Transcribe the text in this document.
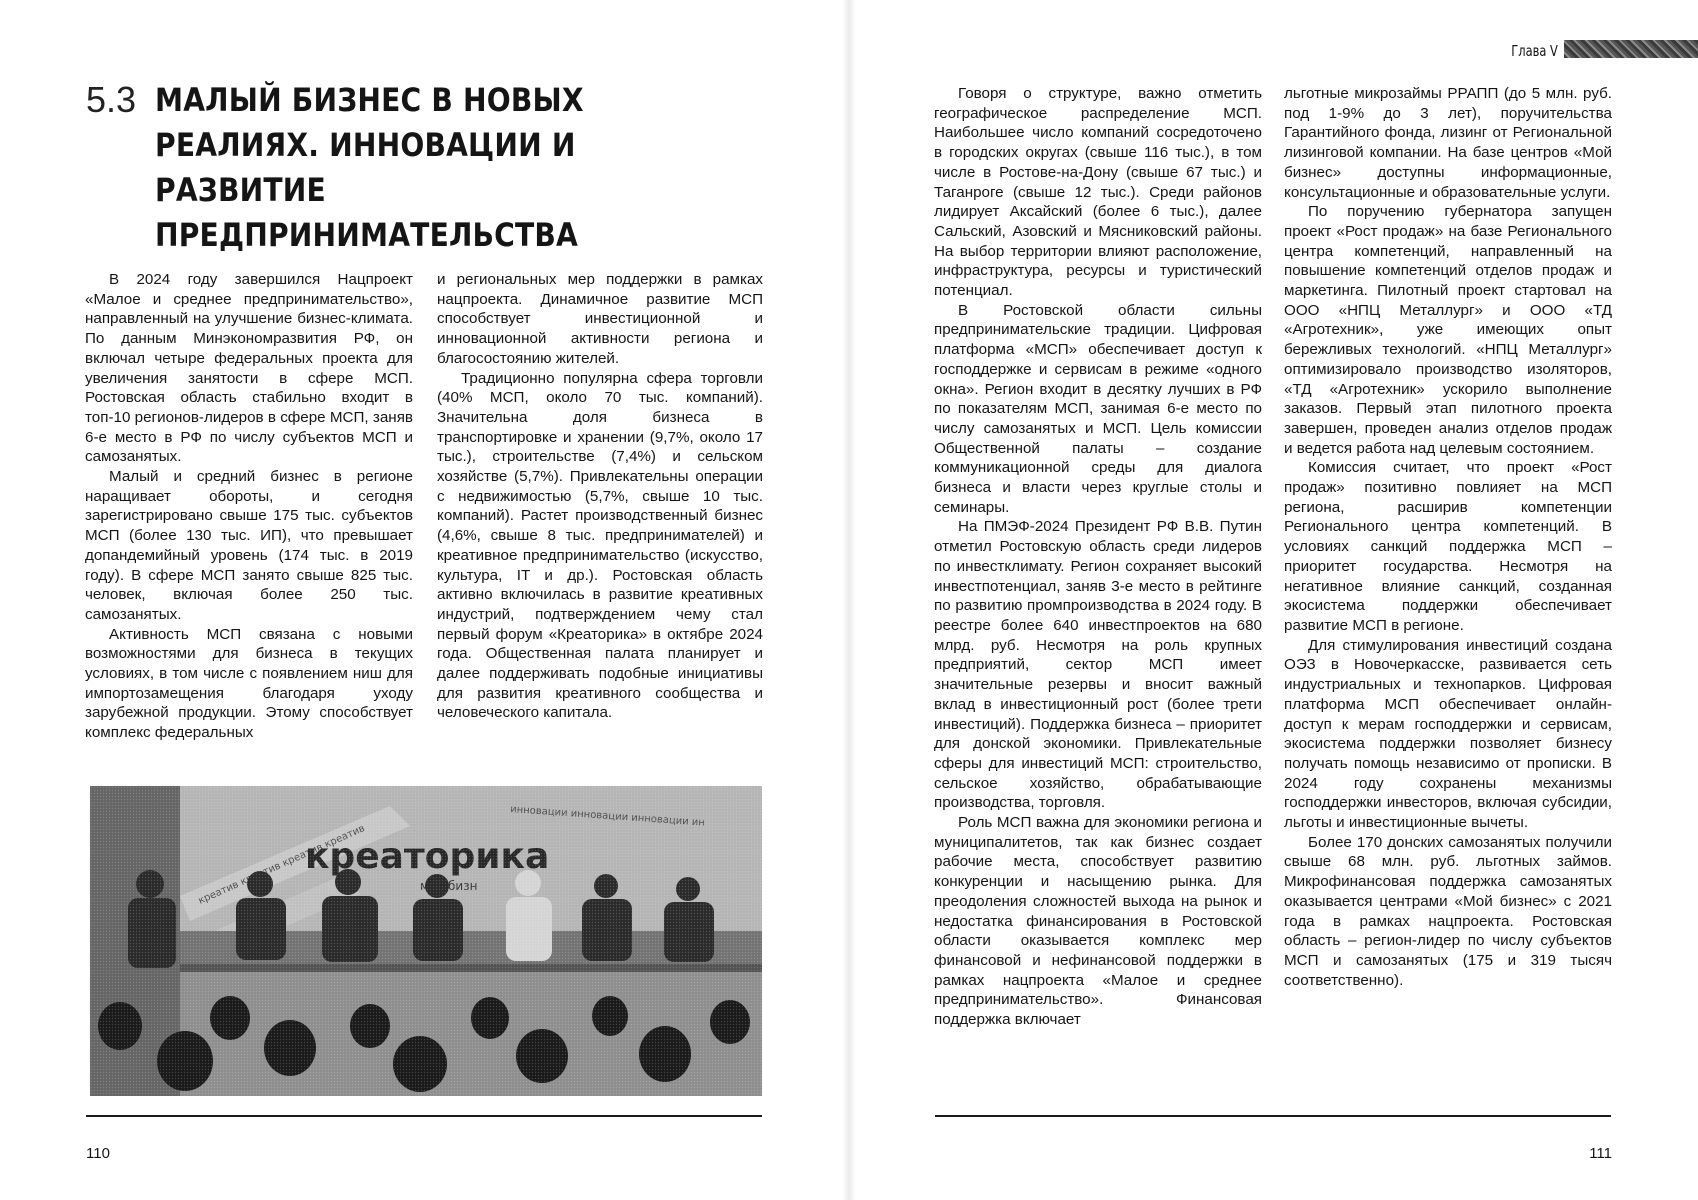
5.3 МАЛЫЙ БИЗНЕС В НОВЫХ РЕАЛИЯХ. ИННОВАЦИИ И РАЗВИТИЕ ПРЕДПРИНИМАТЕЛЬСТВА

В 2024 году завершился Нацпроект «Малое и среднее предпринимательство», направленный на улучшение бизнес-климата. По данным Минэкономразвития РФ, он включал четыре федеральных проекта для увеличения занятости в сфере МСП. Ростовская область стабильно входит в топ-10 регионов-лидеров в сфере МСП, заняв 6-е место в РФ по числу субъектов МСП и самозанятых.

Малый и средний бизнес в регионе наращивает обороты, и сегодня зарегистрировано свыше 175 тыс. субъектов МСП (более 130 тыс. ИП), что превышает допандемийный уровень (174 тыс. в 2019 году). В сфере МСП занято свыше 825 тыс. человек, включая более 250 тыс. самозанятых.

Активность МСП связана с новыми возможностями для бизнеса в текущих условиях, в том числе с появлением ниш для импортозамещения благодаря уходу зарубежной продукции. Этому способствует комплекс федеральных

и региональных мер поддержки в рамках нацпроекта. Динамичное развитие МСП способствует инвестиционной и инновационной активности региона и благосостоянию жителей.

Традиционно популярна сфера торговли (40% МСП, около 70 тыс. компаний). Значительна доля бизнеса в транспортировке и хранении (9,7%, около 17 тыс.), строительстве (7,4%) и сельском хозяйстве (5,7%). Привлекательны операции с недвижимостью (5,7%, свыше 10 тыс. компаний). Растет производственный бизнес (4,6%, свыше 8 тыс. предпринимателей) и креативное предпринимательство (искусство, культура, IT и др.). Ростовская область активно включилась в развитие креативных индустрий, подтверждением чему стал первый форум «Креаторика» в октябре 2024 года. Общественная палата планирует и далее поддерживать подобные инициативы для развития креативного сообщества и человеческого капитала.

110
Глава V

Говоря о структуре, важно отметить географическое распределение МСП. Наибольшее число компаний сосредоточено в городских округах (свыше 116 тыс.), в том числе в Ростове-на-Дону (свыше 67 тыс.) и Таганроге (свыше 12 тыс.). Среди районов лидирует Аксайский (более 6 тыс.), далее Сальский, Азовский и Мясниковский районы. На выбор территории влияют расположение, инфраструктура, ресурсы и туристический потенциал.

В Ростовской области сильны предпринимательские традиции. Цифровая платформа «МСП» обеспечивает доступ к господдержке и сервисам в режиме «одного окна». Регион входит в десятку лучших в РФ по показателям МСП, занимая 6-е место по числу самозанятых и МСП. Цель комиссии Общественной палаты – создание коммуникационной среды для диалога бизнеса и власти через круглые столы и семинары.

На ПМЭФ-2024 Президент РФ В.В. Путин отметил Ростовскую область среди лидеров по инвестклимату. Регион сохраняет высокий инвестпотенциал, заняв 3-е место в рейтинге по развитию промпроизводства в 2024 году. В реестре более 640 инвестпроектов на 680 млрд. руб. Несмотря на роль крупных предприятий, сектор МСП имеет значительные резервы и вносит важный вклад в инвестиционный рост (более трети инвестиций). Поддержка бизнеса – приоритет для донской экономики. Привлекательные сферы для инвестиций МСП: строительство, сельское хозяйство, обрабатывающие производства, торговля.

Роль МСП важна для экономики региона и муниципалитетов, так как бизнес создает рабочие места, способствует развитию конкуренции и насыщению рынка. Для преодоления сложностей выхода на рынок и недостатка финансирования в Ростовской области оказывается комплекс мер финансовой и нефинансовой поддержки в рамках нацпроекта «Малое и среднее предпринимательство». Финансовая поддержка включает

льготные микрозаймы РРАПП (до 5 млн. руб. под 1-9% до 3 лет), поручительства Гарантийного фонда, лизинг от Региональной лизинговой компании. На базе центров «Мой бизнес» доступны информационные, консультационные и образовательные услуги.

По поручению губернатора запущен проект «Рост продаж» на базе Регионального центра компетенций, направленный на повышение компетенций отделов продаж и маркетинга. Пилотный проект стартовал на ООО «НПЦ Металлург» и ООО «ТД «Агротехник», уже имеющих опыт бережливых технологий. «НПЦ Металлург» оптимизировало производство изоляторов, «ТД «Агротехник» ускорило выполнение заказов. Первый этап пилотного проекта завершен, проведен анализ отделов продаж и ведется работа над целевым состоянием.

Комиссия считает, что проект «Рост продаж» позитивно повлияет на МСП региона, расширив компетенции Регионального центра компетенций. В условиях санкций поддержка МСП – приоритет государства. Несмотря на негативное влияние санкций, созданная экосистема поддержки обеспечивает развитие МСП в регионе.

Для стимулирования инвестиций создана ОЭЗ в Новочеркасске, развивается сеть индустриальных и технопарков. Цифровая платформа МСП обеспечивает онлайн-доступ к мерам господдержки и сервисам, экосистема поддержки позволяет бизнесу получать помощь независимо от прописки. В 2024 году сохранены механизмы господдержки инвесторов, включая субсидии, льготы и инвестиционные вычеты.

Более 170 донских самозанятых получили свыше 68 млн. руб. льготных займов. Микрофинансовая поддержка самозанятых оказывается центрами «Мой бизнес» с 2021 года в рамках нацпроекта. Ростовская область – регион-лидер по числу субъектов МСП и самозанятых (175 и 319 тысяч соответственно).

111
